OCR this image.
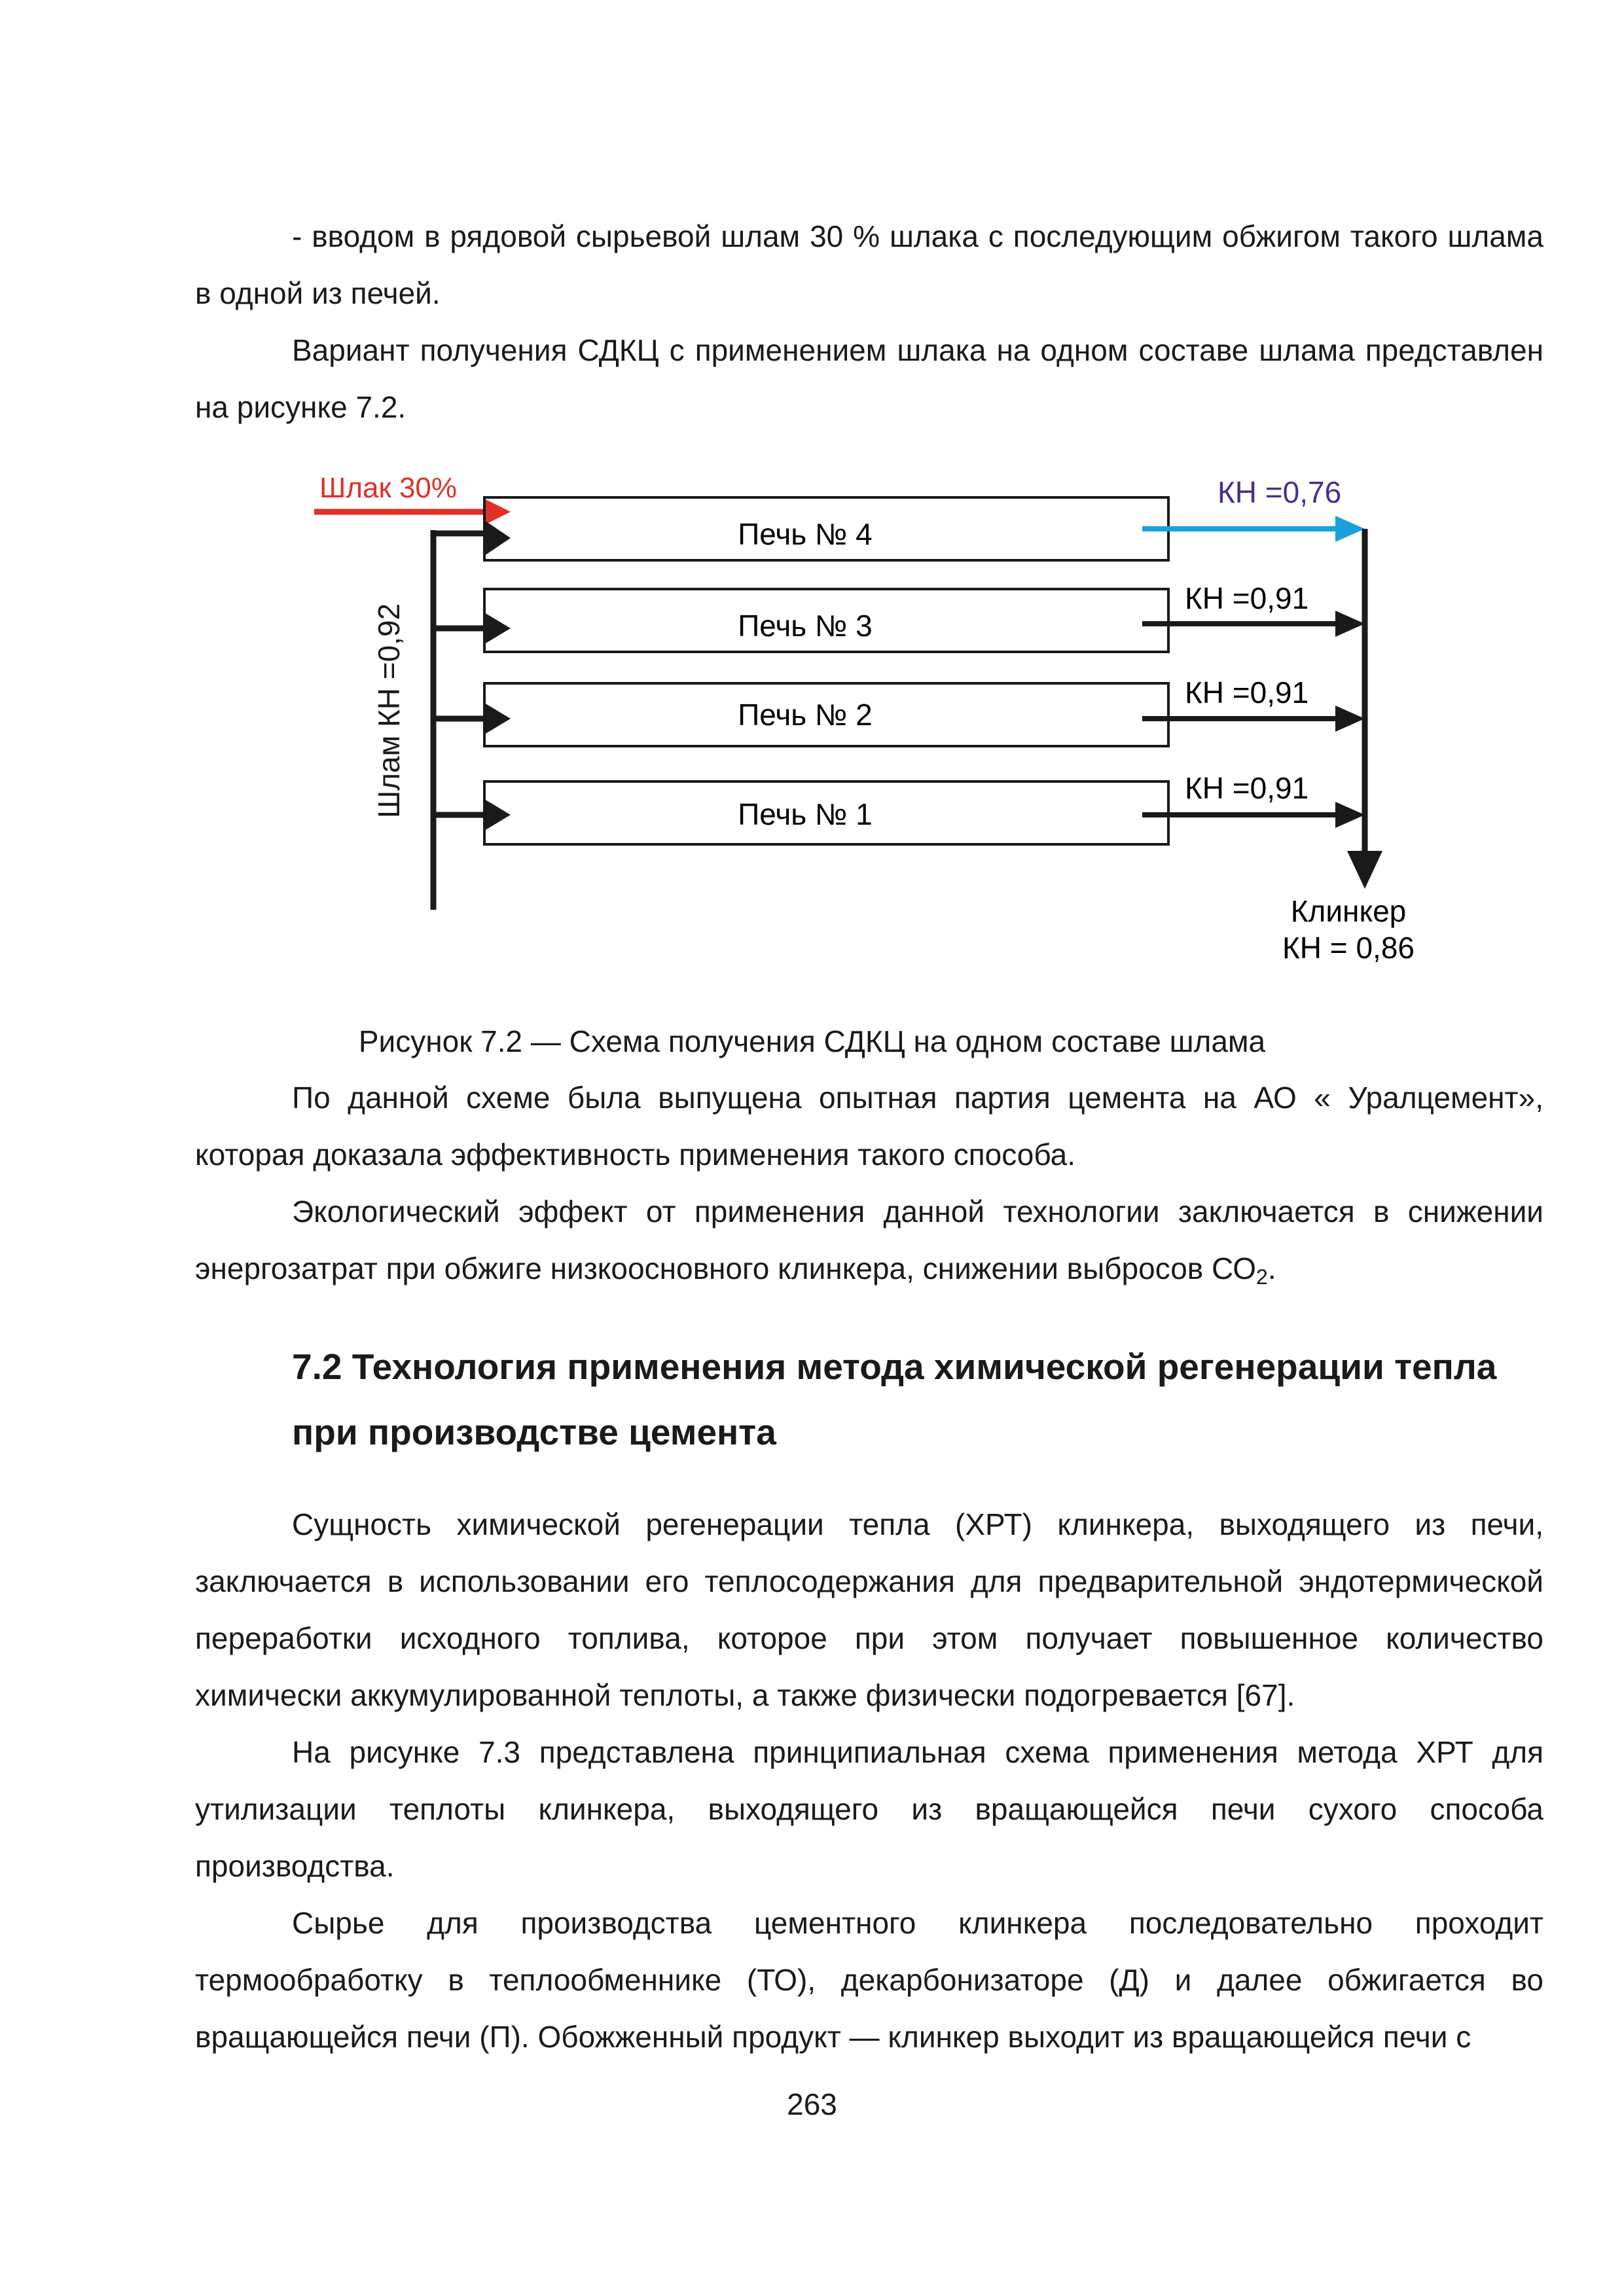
- вводом в рядовой сырьевой шлам 30 % шлака с последующим обжигом такого шлама в одной из печей.

Вариант получения СДКЦ с применением шлака на одном составе шлама представлен на рисунке 7.2.

Шлак 30%
Шлам КН =0,92
Печь № 4
КН =0,76
Печь № 3
КН =0,91
Печь № 2
КН =0,91
Печь № 1
КН =0,91
Клинкер
КН = 0,86
Рисунок 7.2 — Схема получения СДКЦ на одном составе шлама

По данной схеме была выпущена опытная партия цемента на АО « Уралцемент», которая доказала эффективность применения такого способа.

Экологический эффект от применения данной технологии заключается в снижении энергозатрат при обжиге низкоосновного клинкера, снижении выбросов $СО_2$.

7.2 Технология применения метода химической регенерации тепла при производстве цемента

Сущность химической регенерации тепла (ХРТ) клинкера, выходящего из печи, заключается в использовании его теплосодержания для предварительной эндотермической переработки исходного топлива, которое при этом получает повышенное количество химически аккумулированной теплоты, а также физически подогревается [67].

На рисунке 7.3 представлена принципиальная схема применения метода ХРТ для утилизации теплоты клинкера, выходящего из вращающейся печи сухого способа производства.

Сырье для производства цементного клинкера последовательно проходит термообработку в теплообменнике (ТО), декарбонизаторе (Д) и далее обжигается во вращающейся печи (П). Обожженный продукт — клинкер выходит из вращающейся печи с

263
